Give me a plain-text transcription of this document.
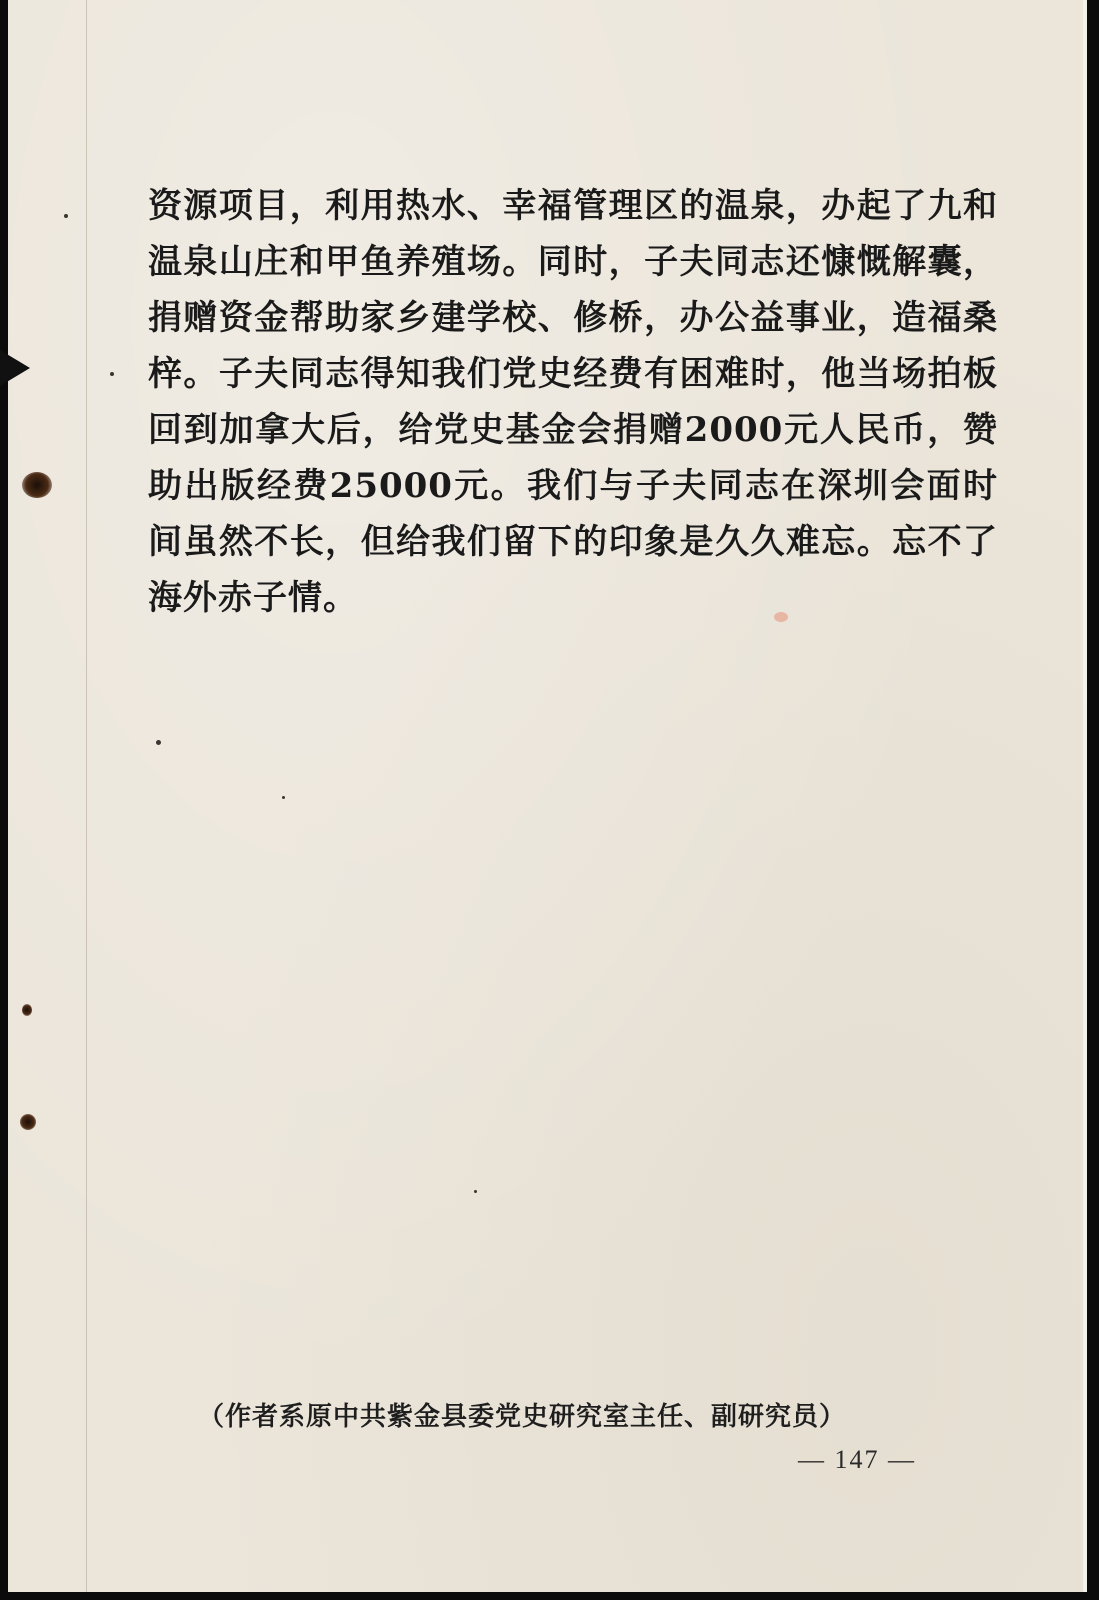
资源项目，利用热水、幸福管理区的温泉，办起了九和温泉山庄和甲鱼养殖场。同时，子夫同志还慷慨解囊，捐赠资金帮助家乡建学校、修桥，办公益事业，造福桑梓。子夫同志得知我们党史经费有困难时，他当场拍板回到加拿大后，给党史基金会捐赠2000元人民币，赞助出版经费25000元。我们与子夫同志在深圳会面时间虽然不长，但给我们留下的印象是久久难忘。忘不了海外赤子情。

（作者系原中共紫金县委党史研究室主任、副研究员）
— 147 —
